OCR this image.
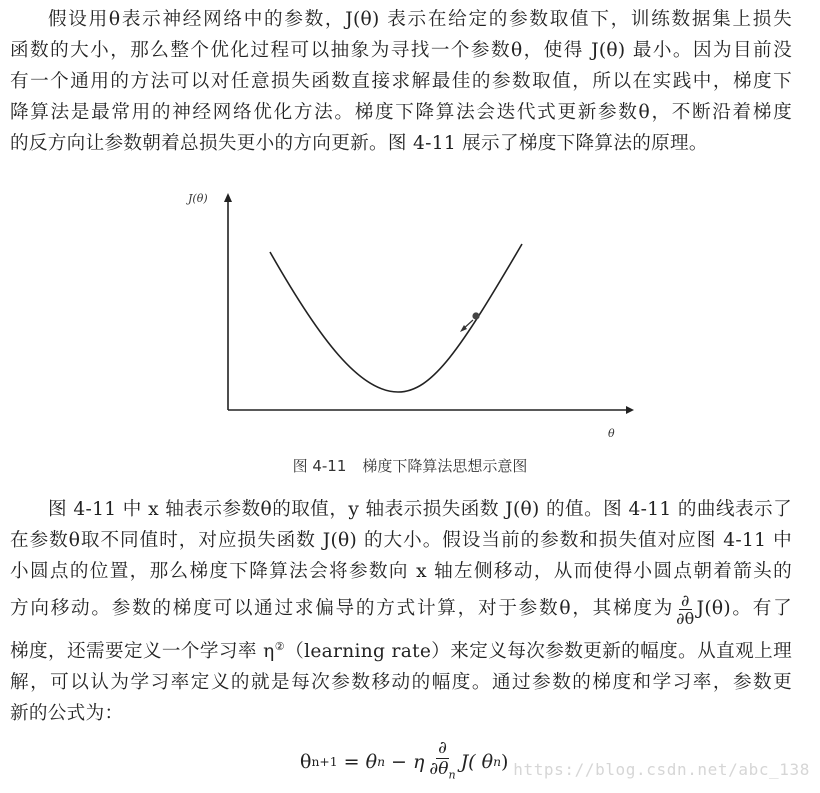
假设用θ表示神经网络中的参数，J(θ) 表示在给定的参数取值下，训练数据集上损失
函数的大小，那么整个优化过程可以抽象为寻找一个参数θ，使得 J(θ) 最小。因为目前没
有一个通用的方法可以对任意损失函数直接求解最佳的参数取值，所以在实践中，梯度下
降算法是最常用的神经网络优化方法。梯度下降算法会迭代式更新参数θ，不断沿着梯度
的反方向让参数朝着总损失更小的方向更新。图 4-11 展示了梯度下降算法的原理。
J(θ)
θ
图 4-11 梯度下降算法思想示意图
图 4-11 中 x 轴表示参数θ的取值，y 轴表示损失函数 J(θ) 的值。图 4-11 的曲线表示了
在参数θ取不同值时，对应损失函数 J(θ) 的大小。假设当前的参数和损失值对应图 4-11 中
小圆点的位置，那么梯度下降算法会将参数向 x 轴左侧移动，从而使得小圆点朝着箭头的
方向移动。参数的梯度可以通过求偏导的方式计算，对于参数θ，其梯度为 $\frac{\partial}{\partial\theta} J(\theta)$。有了
梯度，还需要定义一个学习率 η②（learning rate）来定义每次参数更新的幅度。从直观上理
解，可以认为学习率定义的就是每次参数移动的幅度。通过参数的梯度和学习率，参数更
新的公式为：
θ n+1 = θ n − η $\frac{\partial}{\partial\theta_n} J$( θ n ) https://blog.csdn.net/abc_138
